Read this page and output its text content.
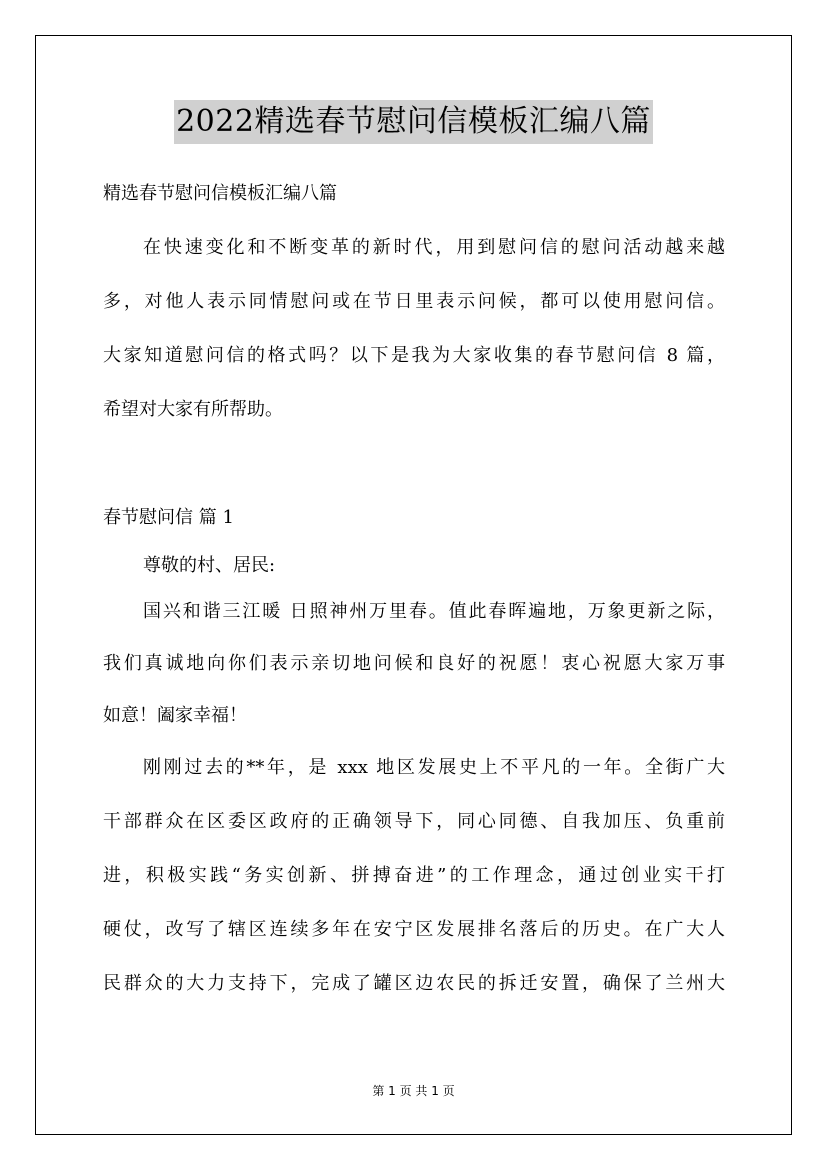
2022精选春节慰问信模板汇编八篇
精选春节慰问信模板汇编八篇
在快速变化和不断变革的新时代，用到慰问信的慰问活动越来越
多，对他人表示同情慰问或在节日里表示问候，都可以使用慰问信。
大家知道慰问信的格式吗？以下是我为大家收集的春节慰问信 8 篇，
希望对大家有所帮助。
春节慰问信 篇 1
尊敬的村、居民:
国兴和谐三江暖 日照神州万里春。值此春晖遍地，万象更新之际，
我们真诚地向你们表示亲切地问候和良好的祝愿！衷心祝愿大家万事
如意！阖家幸福！
刚刚过去的**年，是 xxx 地区发展史上不平凡的一年。全街广大
干部群众在区委区政府的正确领导下，同心同德、自我加压、负重前
进，积极实践“务实创新、拼搏奋进”的工作理念，通过创业实干打
硬仗，改写了辖区连续多年在安宁区发展排名落后的历史。在广大人
民群众的大力支持下，完成了罐区边农民的拆迁安置，确保了兰州大
第 1 页 共 1 页
